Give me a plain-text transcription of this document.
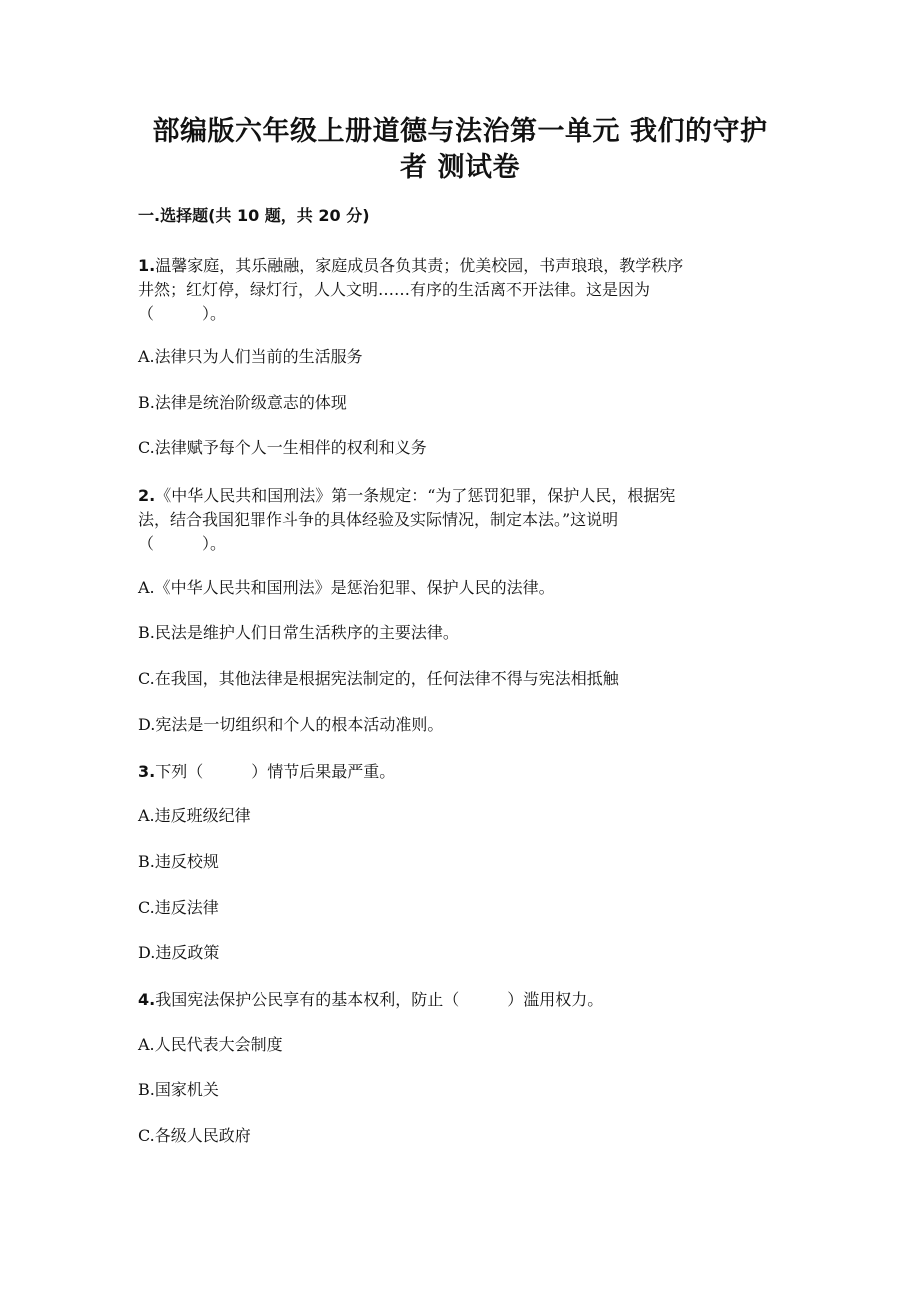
部编版六年级上册道德与法治第一单元 我们的守护
者 测试卷
一.选择题(共 10 题，共 20 分)
1.温馨家庭，其乐融融，家庭成员各负其责；优美校园，书声琅琅，教学秩序
井然；红灯停，绿灯行，人人文明……有序的生活离不开法律。这是因为
（　　　）。
A.法律只为人们当前的生活服务
B.法律是统治阶级意志的体现
C.法律赋予每个人一生相伴的权利和义务
2.《中华人民共和国刑法》第一条规定：“为了惩罚犯罪，保护人民，根据宪
法，结合我国犯罪作斗争的具体经验及实际情况，制定本法。”这说明
（　　　）。
A.《中华人民共和国刑法》是惩治犯罪、保护人民的法律。
B.民法是维护人们日常生活秩序的主要法律。
C.在我国，其他法律是根据宪法制定的，任何法律不得与宪法相抵触
D.宪法是一切组织和个人的根本活动准则。
3.下列（　　　）情节后果最严重。
A.违反班级纪律
B.违反校规
C.违反法律
D.违反政策
4.我国宪法保护公民享有的基本权利，防止（　　　）滥用权力。
A.人民代表大会制度
B.国家机关
C.各级人民政府
